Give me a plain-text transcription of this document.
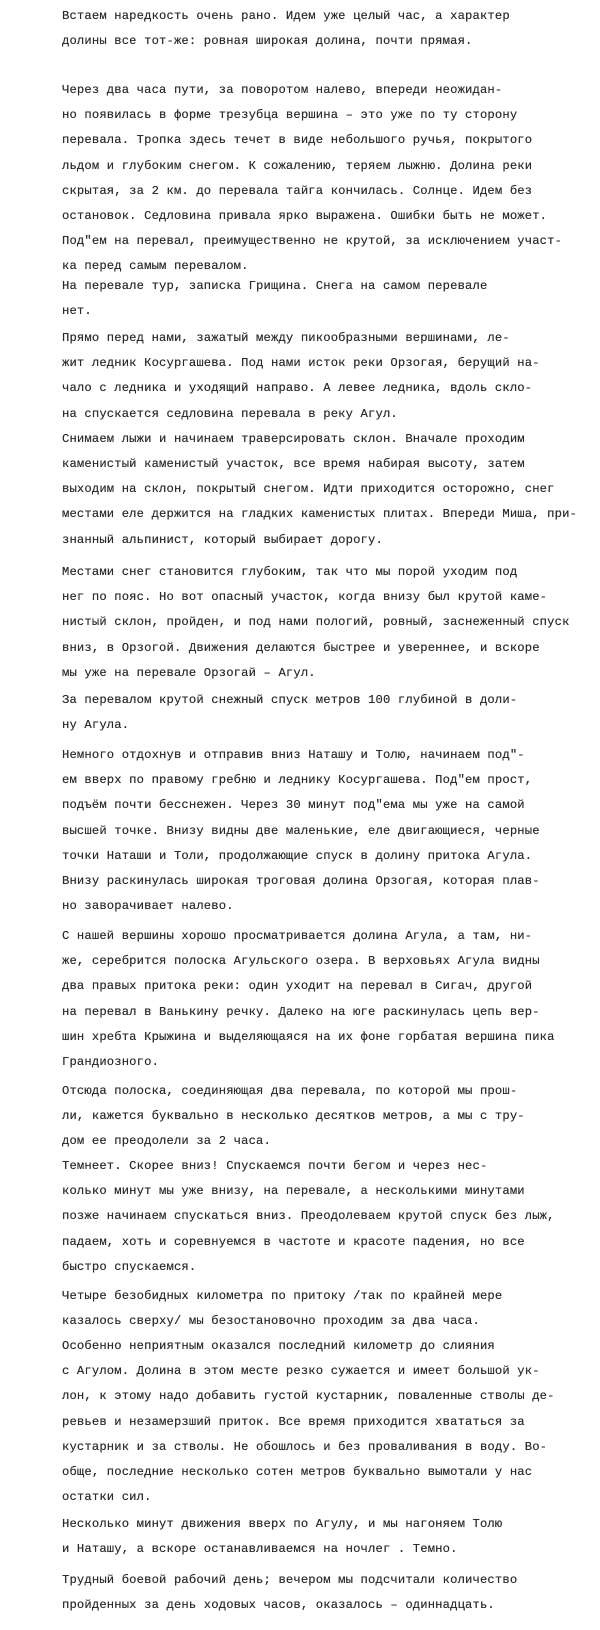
Встаем наредкость очень рано. Идем уже целый час, а характер
долины все тот-же: ровная широкая долина, почти прямая.

Через два часа пути, за поворотом налево, впереди неожидан-
но появилась в форме трезубца вершина – это уже по ту сторону
перевала. Тропка здесь течет в виде небольшого ручья, покрытого
льдом и глубоким снегом. К сожалению, теряем лыжню. Долина реки
скрытая, за 2 км. до перевала тайга кончилась. Солнце. Идем без
остановок. Седловина привала ярко выражена. Ошибки быть не может.
Под"ем на перевал, преимущественно не крутой, за исключением участ-
ка перед самым перевалом.

На перевале тур, записка Грищина. Снега на самом перевале
нет.

Прямо перед нами, зажатый между пикообразными вершинами, ле-
жит ледник Косургашева. Под нами исток реки Орзогая, берущий на-
чало с ледника и уходящий направо. А левее ледника, вдоль скло-
на спускается седловина перевала в реку Агул.
Снимаем лыжи и начинаем траверсировать склон. Вначале проходим
каменистый каменистый участок, все время набирая высоту, затем
выходим на склон, покрытый снегом. Идти приходится осторожно, снег
местами еле держится на гладких каменистых плитах. Впереди Миша, при-
знанный альпинист, который выбирает дорогу.

Местами снег становится глубоким, так что мы порой уходим под
нег по пояс. Но вот опасный участок, когда внизу был крутой каме-
нистый склон, пройден, и под нами пологий, ровный, заснеженный спуск
вниз, в Орзогой. Движения делаются быстрее и увереннее, и вскоре
мы уже на перевале Орзогай – Агул.

За перевалом крутой снежный спуск метров 100 глубиной в доли-
ну Агула.

Немного отдохнув и отправив вниз Наташу и Толю, начинаем под"-
ем вверх по правому гребню и леднику Косургашева. Под"ем прост,
подъём почти бесснежен. Через 30 минут под"ема мы уже на самой
высшей точке. Внизу видны две маленькие, еле двигающиеся, черные
точки Наташи и Толи, продолжающие спуск в долину притока Агула.
Внизу раскинулась широкая троговая долина Орзогая, которая плав-
но заворачивает налево.

С нашей вершины хорошо просматривается долина Агула, а там, ни-
же, серебрится полоска Агульского озера. В верховьях Агула видны
два правых притока реки: один уходит на перевал в Сигач, другой
на перевал в Ванькину речку. Далеко на юге раскинулась цепь вер-
шин хребта Крыжина и выделяющаяся на их фоне горбатая вершина пика
Грандиозного.

Отсюда полоска, соединяющая два перевала, по которой мы прош-
ли, кажется буквально в несколько десятков метров, а мы с тру-
дом ее преодолели за 2 часа.

Темнеет. Скорее вниз! Спускаемся почти бегом и через нес-
колько минут мы уже внизу, на перевале, а несколькими минутами
позже начинаем спускаться вниз. Преодолеваем крутой спуск без лыж,
падаем, хоть и соревнуемся в частоте и красоте падения, но все
быстро спускаемся.

Четыре безобидных километра по притоку /так по крайней мере
казалось сверху/ мы безостановочно проходим за два часа.

Особенно неприятным оказался последний километр до слияния
с Агулом. Долина в этом месте резко сужается и имеет большой ук-
лон, к этому надо добавить густой кустарник, поваленные стволы де-
ревьев и незамерзший приток. Все время приходится хвататься за
кустарник и за стволы. Не обошлось и без проваливания в воду. Во-
обще, последние несколько сотен метров буквально вымотали у нас
остатки сил.

Несколько минут движения вверх по Агулу, и мы нагоняем Толю
и Наташу, а вскоре останавливаемся на ночлег . Темно.

Трудный боевой рабочий день; вечером мы подсчитали количество
пройденных за день ходовых часов, оказалось – одиннадцать.
